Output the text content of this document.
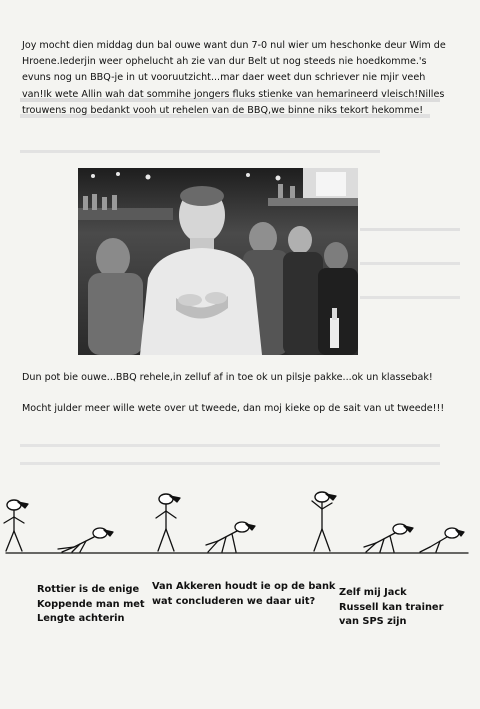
Joy mocht dien middag dun bal ouwe want dun 7-0 nul wier um heschonke deur Wim de Hroene.Iederjin weer ophelucht ah zie van dur Belt ut nog steeds nie hoedkomme.'s evuns nog un BBQ-je in ut vooruutzicht...mar daer weet dun schriever nie mjir veeh van!Ik wete Allin wah dat sommihe jongers fluks stienke van hemarineerd vleisch!Nilles trouwens nog bedankt vooh ut rehelen van de BBQ,we binne niks tekort hekomme!

Dun pot bie ouwe...BBQ rehele,in zelluf af in toe ok un pilsje pakke...ok un klassebak!

Mocht julder meer wille wete over ut tweede, dan moj kieke op de sait van ut tweede!!!

Rottier is de enige Koppende man met Lengte achterin

Van Akkeren houdt ie op de bank wat concluderen we daar uit?

Zelf mij Jack Russell kan trainer van SPS zijn
